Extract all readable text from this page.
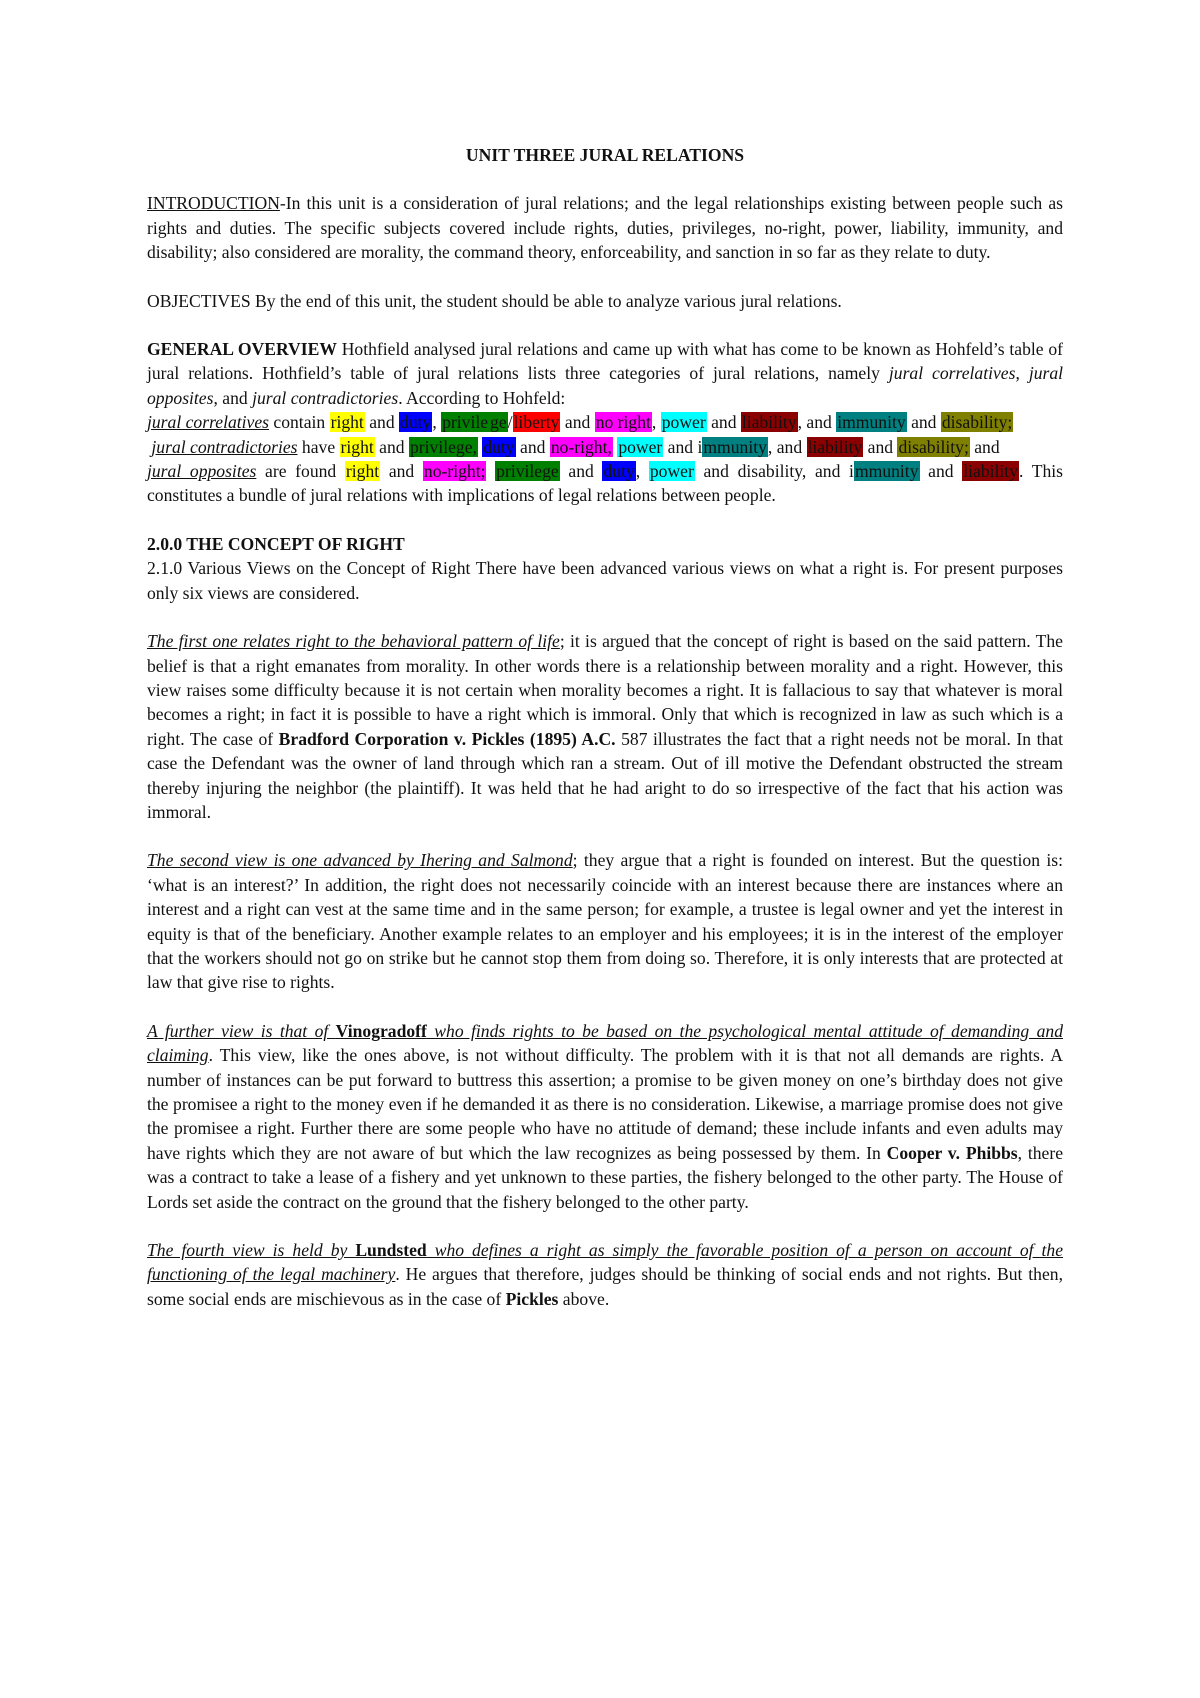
UNIT THREE JURAL RELATIONS

INTRODUCTION-In this unit is a consideration of jural relations; and the legal relationships existing between people such as rights and duties. The specific subjects covered include rights, duties, privileges, no-right, power, liability, immunity, and disability; also considered are morality, the command theory, enforceability, and sanction in so far as they relate to duty.

OBJECTIVES By the end of this unit, the student should be able to analyze various jural relations.

GENERAL OVERVIEW Hothfield analysed jural relations and came up with what has come to be known as Hohfeld’s table of jural relations. Hothfield’s table of jural relations lists three categories of jural relations, namely jural correlatives, jural opposites, and jural contradictories. According to Hohfeld:

jural correlatives contain right and duty, privile ge/liberty and no right, power and liability, and immunity and disability;

jural contradictories have right and privilege, duty and no-right, power and immunity, and liability and disability; and

jural opposites are found right and no-right; privilege and duty, power and disability, and immunity and liability. This constitutes a bundle of jural relations with implications of legal relations between people.

2.0.0 THE CONCEPT OF RIGHT

2.1.0 Various Views on the Concept of Right There have been advanced various views on what a right is. For present purposes only six views are considered.

The first one relates right to the behavioral pattern of life; it is argued that the concept of right is based on the said pattern. The belief is that a right emanates from morality. In other words there is a relationship between morality and a right. However, this view raises some difficulty because it is not certain when morality becomes a right. It is fallacious to say that whatever is moral becomes a right; in fact it is possible to have a right which is immoral. Only that which is recognized in law as such which is a right. The case of Bradford Corporation v. Pickles (1895) A.C. 587 illustrates the fact that a right needs not be moral. In that case the Defendant was the owner of land through which ran a stream. Out of ill motive the Defendant obstructed the stream thereby injuring the neighbor (the plaintiff). It was held that he had aright to do so irrespective of the fact that his action was immoral.

The second view is one advanced by Ihering and Salmond; they argue that a right is founded on interest. But the question is: ‘what is an interest?’ In addition, the right does not necessarily coincide with an interest because there are instances where an interest and a right can vest at the same time and in the same person; for example, a trustee is legal owner and yet the interest in equity is that of the beneficiary. Another example relates to an employer and his employees; it is in the interest of the employer that the workers should not go on strike but he cannot stop them from doing so. Therefore, it is only interests that are protected at law that give rise to rights.

A further view is that of Vinogradoff who finds rights to be based on the psychological mental attitude of demanding and claiming. This view, like the ones above, is not without difficulty. The problem with it is that not all demands are rights. A number of instances can be put forward to buttress this assertion; a promise to be given money on one’s birthday does not give the promisee a right to the money even if he demanded it as there is no consideration. Likewise, a marriage promise does not give the promisee a right. Further there are some people who have no attitude of demand; these include infants and even adults may have rights which they are not aware of but which the law recognizes as being possessed by them. In Cooper v. Phibbs, there was a contract to take a lease of a fishery and yet unknown to these parties, the fishery belonged to the other party. The House of Lords set aside the contract on the ground that the fishery belonged to the other party.

The fourth view is held by Lundsted who defines a right as simply the favorable position of a person on account of the functioning of the legal machinery. He argues that therefore, judges should be thinking of social ends and not rights. But then, some social ends are mischievous as in the case of Pickles above.
